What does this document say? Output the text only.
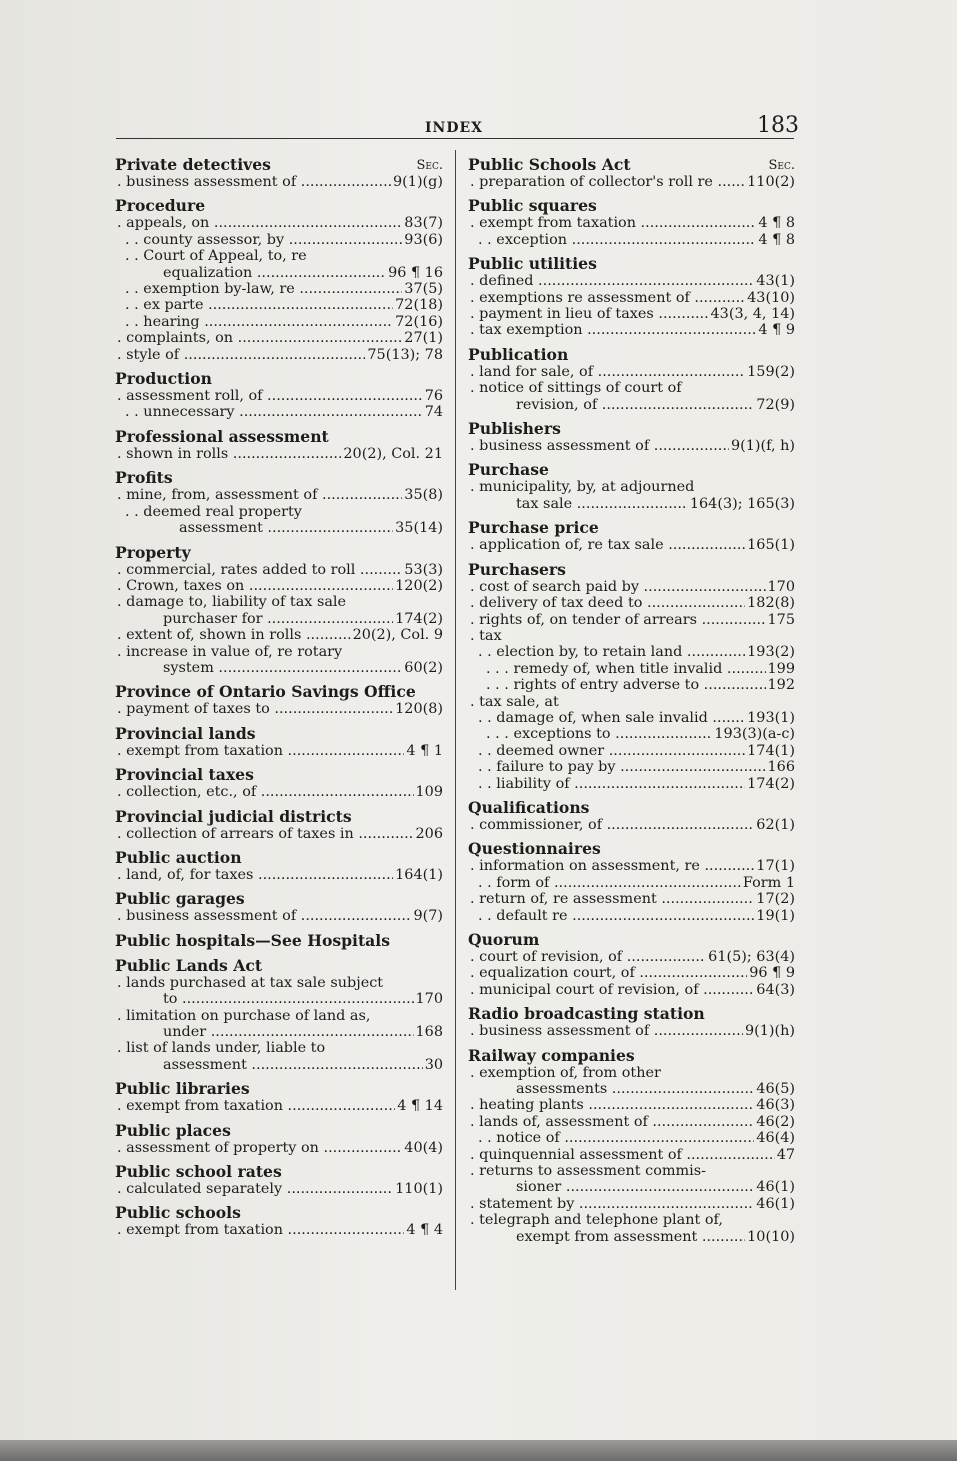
INDEX	183
Private detectives	Sec.
. business assessment of .....	9(1)(g)
Procedure
. appeals, on .....	83(7)
. . county assessor, by .....	93(6)
. . Court of Appeal, to, re
equalization .....	96 ¶ 16
. . exemption by-law, re .....	37(5)
. . ex parte .....	72(18)
. . hearing .....	72(16)
. complaints, on .....	27(1)
. style of .....	75(13); 78
Production
. assessment roll, of .....	76
. . unnecessary .....	74
Professional assessment
. shown in rolls .....	20(2), Col. 21
Profits
. mine, from, assessment of .....	35(8)
. . deemed real property
assessment .....	35(14)
Property
. commercial, rates added to roll .....	53(3)
. Crown, taxes on .....	120(2)
. damage to, liability of tax sale
purchaser for .....	174(2)
. extent of, shown in rolls .....	20(2), Col. 9
. increase in value of, re rotary
system .....	60(2)
Province of Ontario Savings Office
. payment of taxes to .....	120(8)
Provincial lands
. exempt from taxation .....	4 ¶ 1
Provincial taxes
. collection, etc., of .....	109
Provincial judicial districts
. collection of arrears of taxes in .....	206
Public auction
. land, of, for taxes .....	164(1)
Public garages
. business assessment of .....	9(7)
Public hospitals—See Hospitals
Public Lands Act
. lands purchased at tax sale subject
to .....	170
. limitation on purchase of land as,
under .....	168
. list of lands under, liable to
assessment .....	30
Public libraries
. exempt from taxation .....	4 ¶ 14
Public places
. assessment of property on .....	40(4)
Public school rates
. calculated separately .....	110(1)
Public schools
. exempt from taxation .....	4 ¶ 4
Public Schools Act	Sec.
. preparation of collector's roll re .....	110(2)
Public squares
. exempt from taxation .....	4 ¶ 8
. . exception .....	4 ¶ 8
Public utilities
. defined .....	43(1)
. exemptions re assessment of .....	43(10)
. payment in lieu of taxes .....	43(3, 4, 14)
. tax exemption .....	4 ¶ 9
Publication
. land for sale, of .....	159(2)
. notice of sittings of court of
revision, of .....	72(9)
Publishers
. business assessment of .....	9(1)(f, h)
Purchase
. municipality, by, at adjourned
tax sale .....	164(3); 165(3)
Purchase price
. application of, re tax sale .....	165(1)
Purchasers
. cost of search paid by .....	170
. delivery of tax deed to .....	182(8)
. rights of, on tender of arrears .....	175
. tax
. . election by, to retain land .....	193(2)
. . . remedy of, when title invalid .....	199
. . . rights of entry adverse to .....	192
. tax sale, at
. . damage of, when sale invalid .....	193(1)
. . . exceptions to .....	193(3)(a-c)
. . deemed owner .....	174(1)
. . failure to pay by .....	166
. . liability of .....	174(2)
Qualifications
. commissioner, of .....	62(1)
Questionnaires
. information on assessment, re .....	17(1)
. . form of .....	Form 1
. return of, re assessment .....	17(2)
. . default re .....	19(1)
Quorum
. court of revision, of .....	61(5); 63(4)
. equalization court, of .....	96 ¶ 9
. municipal court of revision, of .....	64(3)
Radio broadcasting station
. business assessment of .....	9(1)(h)
Railway companies
. exemption of, from other
assessments .....	46(5)
. heating plants .....	46(3)
. lands of, assessment of .....	46(2)
. . notice of .....	46(4)
. quinquennial assessment of .....	47
. returns to assessment commis-
sioner .....	46(1)
. statement by .....	46(1)
. telegraph and telephone plant of,
exempt from assessment .....	10(10)
